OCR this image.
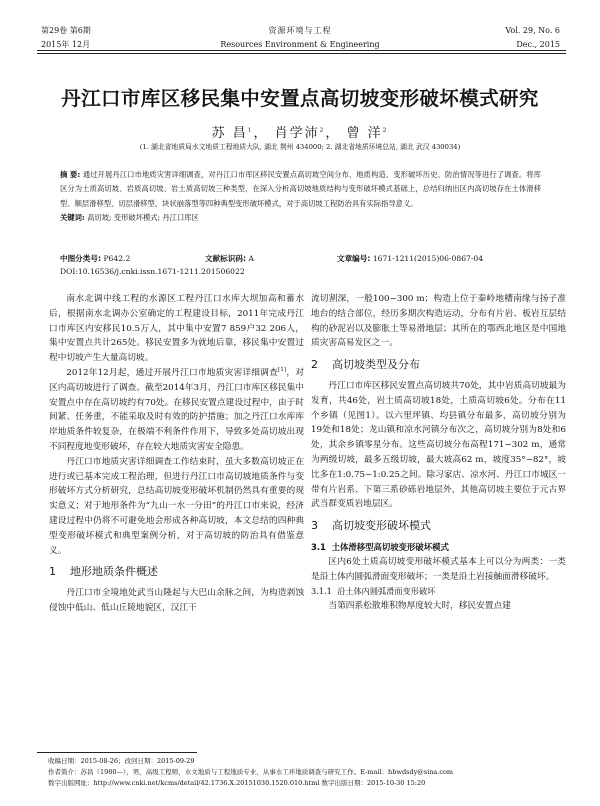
第29卷 第6期
2015年 12月
资源环境与工程
Resources Environment & Engineering
Vol. 29, No. 6
Dec., 2015
丹江口市库区移民集中安置点高切坡变形破坏模式研究
苏 昌$^1$， 肖学沛$^2$， 曾 洋$^2$
(1. 湖北省地质局水文地质工程地质大队, 湖北 荆州 434000; 2. 湖北省地质环境总站, 湖北 武汉 430034)
摘 要: 通过开展丹江口市地质灾害详细调查，对丹江口市库区移民安置点高切坡空间分布、地质构造、变形破坏历史、防治情况等进行了调查。将库区分为土质高切坡、岩质高切坡、岩土质高切坡三种类型，在深入分析高切坡地质结构与变形破坏模式基础上，总结归纳出区内高切坡存在土体滑移型、顺层滑移型、切层滑移型、块状崩落型等四种典型变形破坏模式，对于高切坡工程防治具有实际指导意义。
关键词: 高切坡; 变形破坏模式; 丹江口库区
中图分类号: P642.2	文献标识码: A	文章编号: 1671-1211(2015)06-0867-04
DOI:10.16536/j.cnki.issn.1671-1211.201506022

南水北调中线工程的水源区工程丹江口水库大坝加高和蓄水后，根据南水北调办公室确定的工程建设目标，2011年完成丹江口市库区内安移民10.5万人，其中集中安置7 859户32 206人，集中安置点共计265处。移民安置多为就地后靠，移民集中安置过程中切坡产生大量高切坡。

2012年12月起，通过开展丹江口市地质灾害详细调查[1]，对区内高切坡进行了调查。截至2014年3月，丹江口市库区移民集中安置点中存在高切坡约有70处。在移民安置点建设过程中，由于时间紧、任务重，不能采取及时有效的防护措施；加之丹江口水库库岸地质条件较复杂，在极端不利条件作用下，导致多处高切坡出现不同程度地变形破坏，存在较大地质灾害安全隐患。

丹江口市地质灾害详细调查工作结束时，虽大多数高切坡正在进行或已基本完成工程治理，但进行丹江口市高切坡地质条件与变形破坏方式分析研究，总结高切坡变形破坏机制仍然具有重要的现实意义；对于地形条件为“九山一水一分田”的丹江口市来说，经济建设过程中仍将不可避免地会形成各种高切坡，本文总结的四种典型变形破坏模式和典型案例分析，对于高切坡的防治具有借鉴意义。

1 地形地质条件概述

丹江口市全境地处武当山隆起与大巴山余脉之间，为构造剥蚀侵蚀中低山、低山丘陵地貌区，汉江干

流切割深，一般100~300 m；构造上位于秦岭地槽南缘与扬子准地台的结合部位，经历多期次构造运动，分布有片岩、板岩互层结构的砂泥岩以及膨胀土等易滑地层；其所在的鄂西北地区是中国地质灾害高易发区之一。

2 高切坡类型及分布

丹江口市库区移民安置点高切坡共70处，其中岩质高切坡最为发育，共46处，岩土质高切坡18处，土质高切坡6处。分布在11个乡镇（见图1）。以六里坪镇、均县镇分布最多，高切坡分别为19处和18处；龙山镇和凉水河镇分布次之，高切坡分别为8处和6处，其余乡镇零星分布。这些高切坡分布高程171~302 m，通常为两级切坡，最多五级切坡，最大坡高62 m，坡度35°~82°，坡比多在1:0.75~1:0.25之间。除习家店、凉水河、丹江口市城区一带有片岩系、下第三系砂砾岩地层外，其他高切坡主要位于元古界武当群变质岩地层区。

3 高切坡变形破坏模式
3.1 土体滑移型高切坡变形破坏模式

区内6处土质高切坡变形破坏模式基本上可以分为两类：一类是沿土体内圆弧滑面变形破坏；一类是沿土岩接触面滑移破坏。

3.1.1 沿土体内圆弧滑面变形破坏

当第四系松散堆积物厚度较大时，移民安置点建

收稿日期：2015-08-26；改回日期：2015-09-29
作者简介：苏昌（1980—），男，高级工程师，水文地质与工程地质专业，从事水工环地质调查与研究工作。E-mail：hbwdsdy@sina.com
数字出版网址：http://www.cnki.net/kcms/detail/42.1736.X.20151030.1520.010.html 数字出版日期：2015-10-30 15:20
